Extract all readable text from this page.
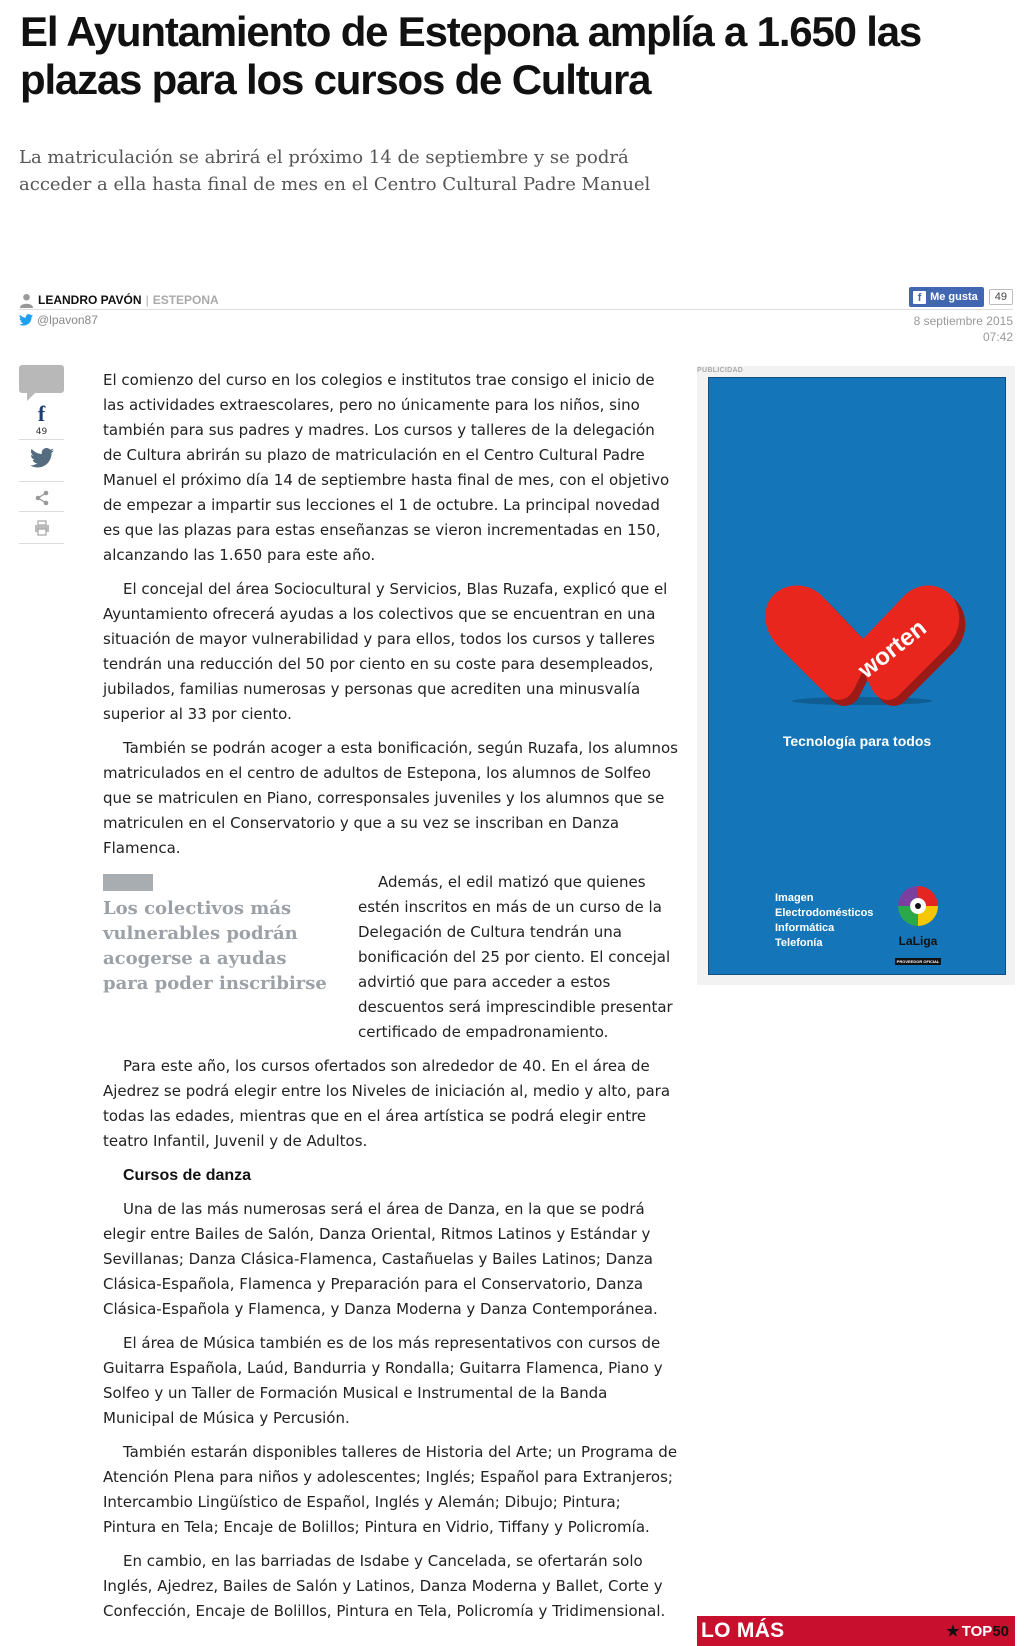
El Ayuntamiento de Estepona amplía a 1.650 las plazas para los cursos de Cultura
La matriculación se abrirá el próximo 14 de septiembre y se podrá acceder a ella hasta final de mes en el Centro Cultural Padre Manuel
LEANDRO PAVÓN | ESTEPONA
@lpavon87
f Me gusta	49
8 septiembre 2015
07:42
f
49

El comienzo del curso en los colegios e institutos trae consigo el inicio de las actividades extraescolares, pero no únicamente para los niños, sino también para sus padres y madres. Los cursos y talleres de la delegación de Cultura abrirán su plazo de matriculación en el Centro Cultural Padre Manuel el próximo día 14 de septiembre hasta final de mes, con el objetivo de empezar a impartir sus lecciones el 1 de octubre. La principal novedad es que las plazas para estas enseñanzas se vieron incrementadas en 150, alcanzando las 1.650 para este año.

El concejal del área Sociocultural y Servicios, Blas Ruzafa, explicó que el Ayuntamiento ofrecerá ayudas a los colectivos que se encuentran en una situación de mayor vulnerabilidad y para ellos, todos los cursos y talleres tendrán una reducción del 50 por ciento en su coste para desempleados, jubilados, familias numerosas y personas que acrediten una minusvalía superior al 33 por ciento.

También se podrán acoger a esta bonificación, según Ruzafa, los alumnos matriculados en el centro de adultos de Estepona, los alumnos de Solfeo que se matriculen en Piano, corresponsales juveniles y los alumnos que se matriculen en el Conservatorio y que a su vez se inscriban en Danza Flamenca.

Los colectivos más vulnerables podrán acogerse a ayudas para poder inscribirse

Además, el edil matizó que quienes estén inscritos en más de un curso de la Delegación de Cultura tendrán una bonificación del 25 por ciento. El concejal advirtió que para acceder a estos descuentos será imprescindible presentar certificado de empadronamiento.

Para este año, los cursos ofertados son alrededor de 40. En el área de Ajedrez se podrá elegir entre los Niveles de iniciación al, medio y alto, para todas las edades, mientras que en el área artística se podrá elegir entre teatro Infantil, Juvenil y de Adultos.

Cursos de danza

Una de las más numerosas será el área de Danza, en la que se podrá elegir entre Bailes de Salón, Danza Oriental, Ritmos Latinos y Estándar y Sevillanas; Danza Clásica-Flamenca, Castañuelas y Bailes Latinos; Danza Clásica-Española, Flamenca y Preparación para el Conservatorio, Danza Clásica-Española y Flamenca, y Danza Moderna y Danza Contemporánea.

El área de Música también es de los más representativos con cursos de Guitarra Española, Laúd, Bandurria y Rondalla; Guitarra Flamenca, Piano y Solfeo y un Taller de Formación Musical e Instrumental de la Banda Municipal de Música y Percusión.

También estarán disponibles talleres de Historia del Arte; un Programa de Atención Plena para niños y adolescentes; Inglés; Español para Extranjeros; Intercambio Lingüístico de Español, Inglés y Alemán; Dibujo; Pintura; Pintura en Tela; Encaje de Bolillos; Pintura en Vidrio, Tiffany y Policromía.

En cambio, en las barriadas de Isdabe y Cancelada, se ofertarán solo Inglés, Ajedrez, Bailes de Salón y Latinos, Danza Moderna y Ballet, Corte y Confección, Encaje de Bolillos, Pintura en Tela, Policromía y Tridimensional.

PUBLICIDAD
worten
Tecnología para todos
Imagen
Electrodomésticos
Informática
Telefonía	LaLiga
PROVEEDOR OFICIAL
LO MÁS	★ TOP 50
